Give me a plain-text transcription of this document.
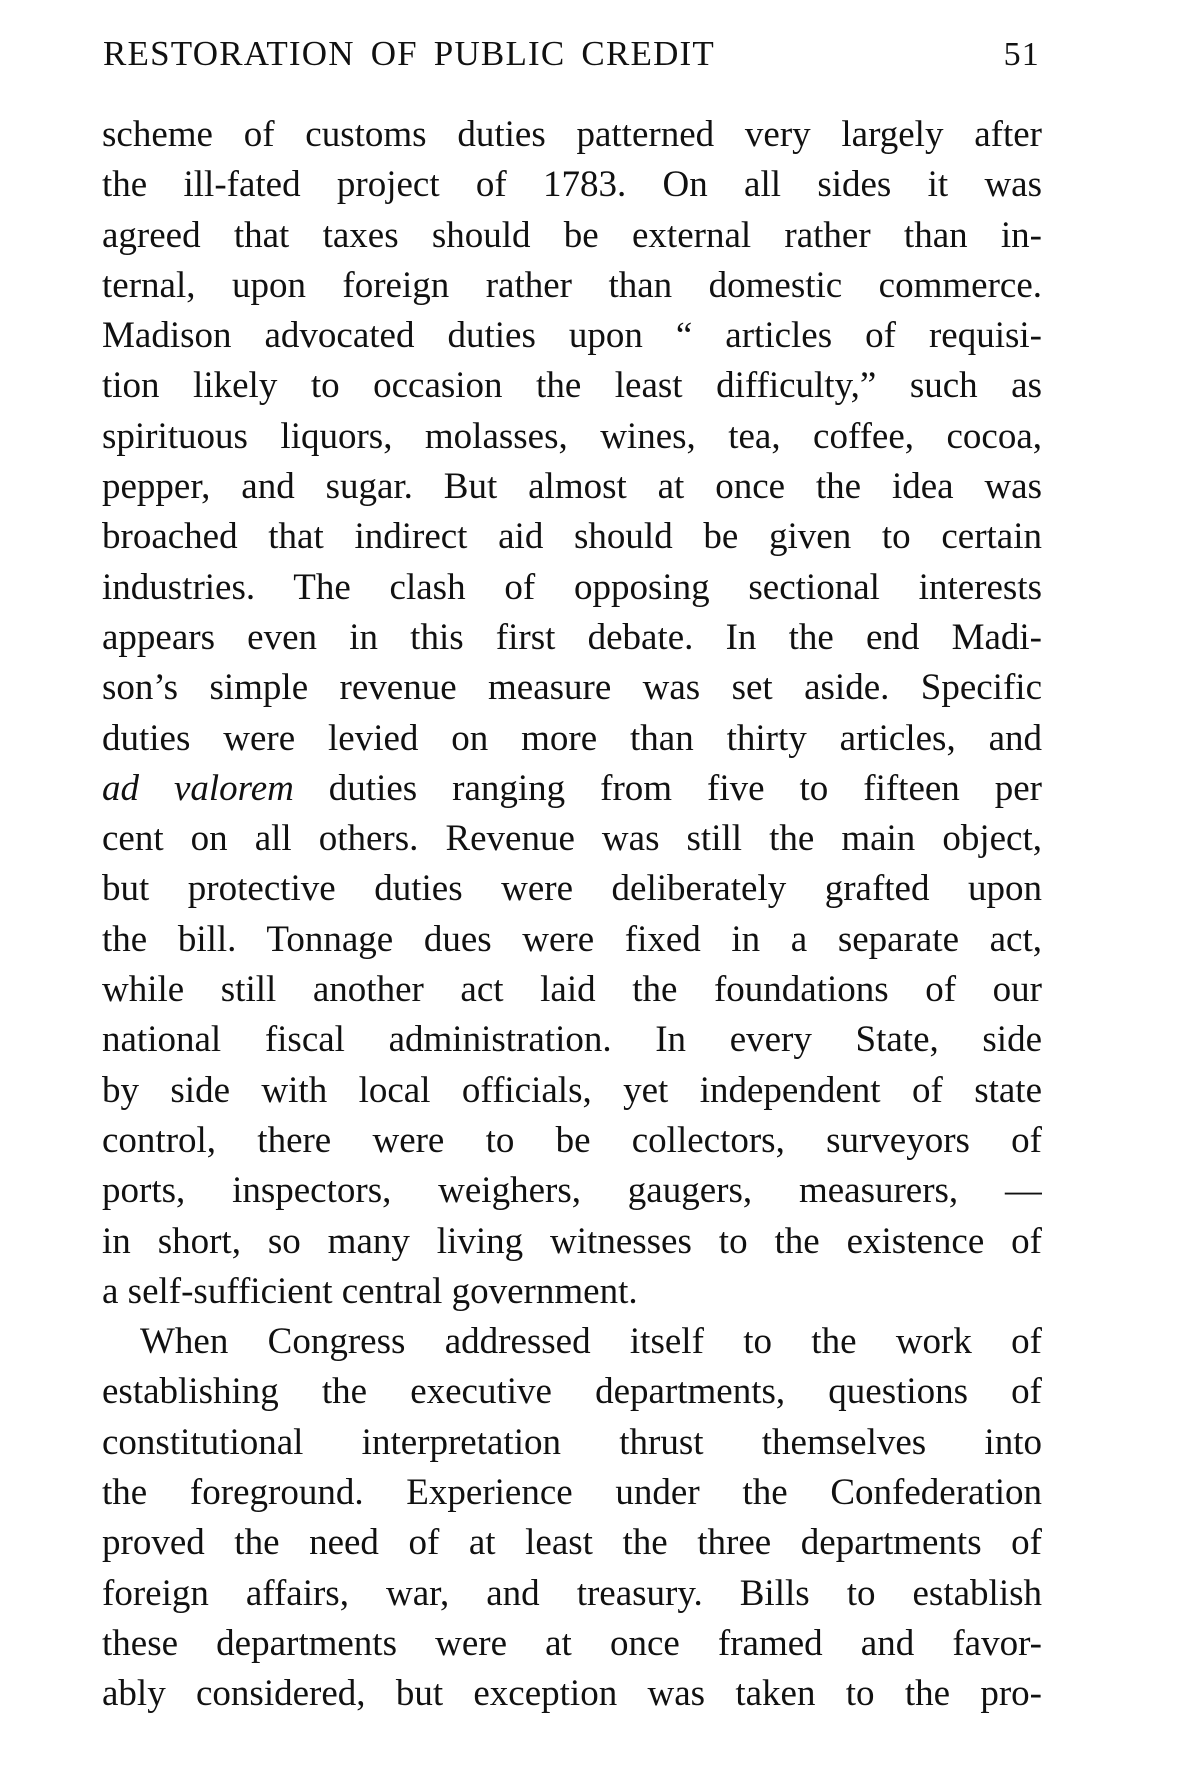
RESTORATION OF PUBLIC CREDIT	51
scheme of customs duties patterned very largely after
the ill-fated project of 1783. On all sides it was
agreed that taxes should be external rather than in-
ternal, upon foreign rather than domestic commerce.
Madison advocated duties upon “ articles of requisi-
tion likely to occasion the least difficulty,” such as
spirituous liquors, molasses, wines, tea, coffee, cocoa,
pepper, and sugar. But almost at once the idea was
broached that indirect aid should be given to certain
industries. The clash of opposing sectional interests
appears even in this first debate. In the end Madi-
son’s simple revenue measure was set aside. Specific
duties were levied on more than thirty articles, and
ad valorem duties ranging from five to fifteen per
cent on all others. Revenue was still the main object,
but protective duties were deliberately grafted upon
the bill. Tonnage dues were fixed in a separate act,
while still another act laid the foundations of our
national fiscal administration. In every State, side
by side with local officials, yet independent of state
control, there were to be collectors, surveyors of
ports, inspectors, weighers, gaugers, measurers, —
in short, so many living witnesses to the existence of
a self-sufficient central government.
When Congress addressed itself to the work of
establishing the executive departments, questions of
constitutional interpretation thrust themselves into
the foreground. Experience under the Confederation
proved the need of at least the three departments of
foreign affairs, war, and treasury. Bills to establish
these departments were at once framed and favor-
ably considered, but exception was taken to the pro-
